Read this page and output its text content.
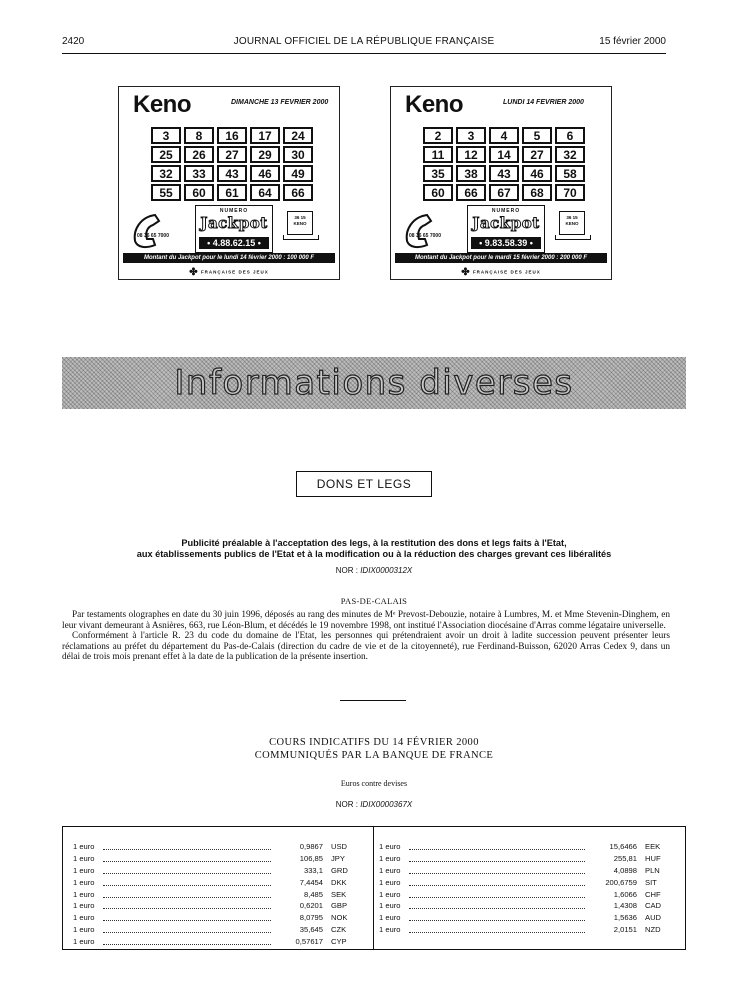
2420	JOURNAL OFFICIEL DE LA RÉPUBLIQUE FRANÇAISE	15 février 2000
Keno	DIMANCHE 13 FEVRIER 2000
3	8	16	17	24
25	26	27	29	30
32	33	43	46	49
55	60	61	64	66
08 36 65 7000
NUMERO
Jackpot
• 4.88.62.15 •
36 15 KENO
Montant du Jackpot pour le lundi 14 février 2000 : 100 000 F
✤ FRANÇAISE DES JEUX
Keno	LUNDI 14 FEVRIER 2000
2	3	4	5	6
11	12	14	27	32
35	38	43	46	58
60	66	67	68	70
08 36 65 7000
NUMERO
Jackpot
• 9.83.58.39 •
36 15 KENO
Montant du Jackpot pour le mardi 15 février 2000 : 200 000 F
✤ FRANÇAISE DES JEUX
Informations diverses
DONS ET LEGS
Publicité préalable à l'acceptation des legs, à la restitution des dons et legs faits à l'Etat,
aux établissements publics de l'Etat et à la modification ou à la réduction des charges grevant ces libéralités
NOR : IDIX0000312X
PAS-DE-CALAIS

Par testaments olographes en date du 30 juin 1996, déposés au rang des minutes de Mᵉ Prevost-Debouzie, notaire à Lumbres, M. et Mme Stevenin-Dinghem, en leur vivant demeurant à Asnières, 663, rue Léon-Blum, et décédés le 19 novembre 1998, ont institué l'Association diocésaine d'Arras comme légataire universelle.

Conformément à l'article R. 23 du code du domaine de l'Etat, les personnes qui prétendraient avoir un droit à ladite succession peuvent présenter leurs réclamations au préfet du département du Pas-de-Calais (direction du cadre de vie et de la citoyenneté), rue Ferdinand-Buisson, 62020 Arras Cedex 9, dans un délai de trois mois prenant effet à la date de la publication de la présente insertion.

COURS INDICATIFS DU 14 FÉVRIER 2000
COMMUNIQUÉS PAR LA BANQUE DE FRANCE
Euros contre devises
NOR : IDIX0000367X
1 euro	0,9867	USD
1 euro	106,85	JPY
1 euro	333,1	GRD
1 euro	7,4454	DKK
1 euro	8,485	SEK
1 euro	0,6201	GBP
1 euro	8,0795	NOK
1 euro	35,645	CZK
1 euro	0,57617	CYP
1 euro	15,6466	EEK
1 euro	255,81	HUF
1 euro	4,0898	PLN
1 euro	200,6759	SIT
1 euro	1,6066	CHF
1 euro	1,4308	CAD
1 euro	1,5636	AUD
1 euro	2,0151	NZD
